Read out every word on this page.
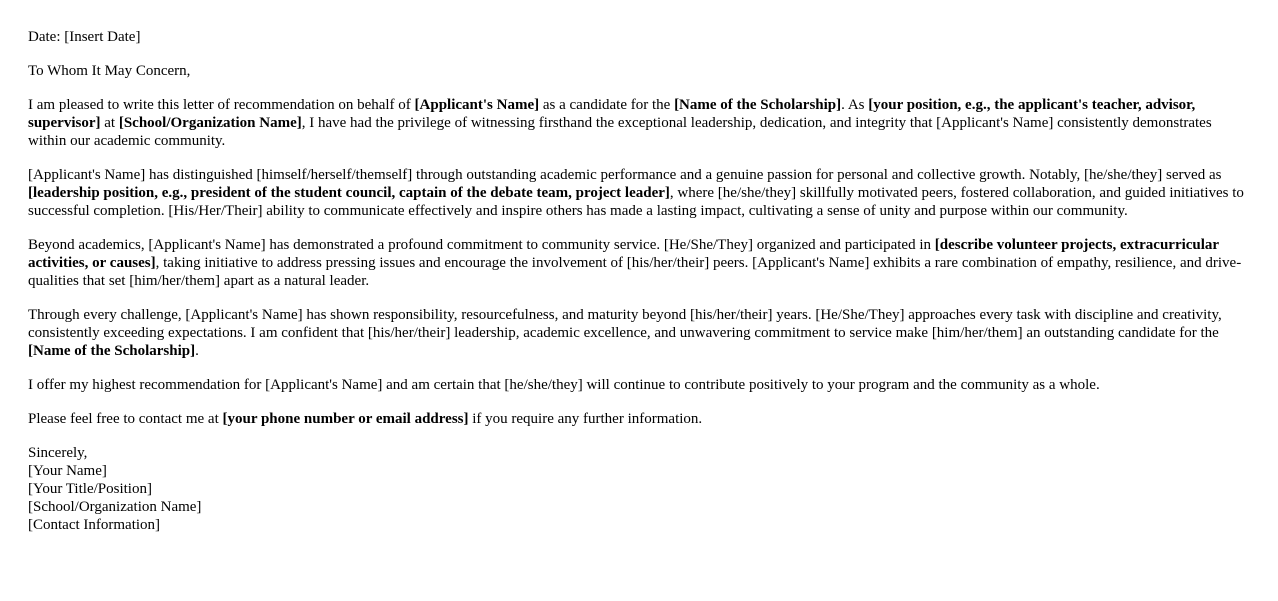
Date: [Insert Date]

To Whom It May Concern,

I am pleased to write this letter of recommendation on behalf of [Applicant's Name] as a candidate for the [Name of the Scholarship]. As [your position, e.g., the applicant's teacher, advisor, supervisor] at [School/Organization Name], I have had the privilege of witnessing firsthand the exceptional leadership, dedication, and integrity that [Applicant's Name] consistently demonstrates within our academic community.

[Applicant's Name] has distinguished [himself/herself/themself] through outstanding academic performance and a genuine passion for personal and collective growth. Notably, [he/she/they] served as [leadership position, e.g., president of the student council, captain of the debate team, project leader], where [he/she/they] skillfully motivated peers, fostered collaboration, and guided initiatives to successful completion. [His/Her/Their] ability to communicate effectively and inspire others has made a lasting impact, cultivating a sense of unity and purpose within our community.

Beyond academics, [Applicant's Name] has demonstrated a profound commitment to community service. [He/She/They] organized and participated in [describe volunteer projects, extracurricular activities, or causes], taking initiative to address pressing issues and encourage the involvement of [his/her/their] peers. [Applicant's Name] exhibits a rare combination of empathy, resilience, and drive-qualities that set [him/her/them] apart as a natural leader.

Through every challenge, [Applicant's Name] has shown responsibility, resourcefulness, and maturity beyond [his/her/their] years. [He/She/They] approaches every task with discipline and creativity, consistently exceeding expectations. I am confident that [his/her/their] leadership, academic excellence, and unwavering commitment to service make [him/her/them] an outstanding candidate for the [Name of the Scholarship].

I offer my highest recommendation for [Applicant's Name] and am certain that [he/she/they] will continue to contribute positively to your program and the community as a whole.

Please feel free to contact me at [your phone number or email address] if you require any further information.

Sincerely,
[Your Name]
[Your Title/Position]
[School/Organization Name]
[Contact Information]
